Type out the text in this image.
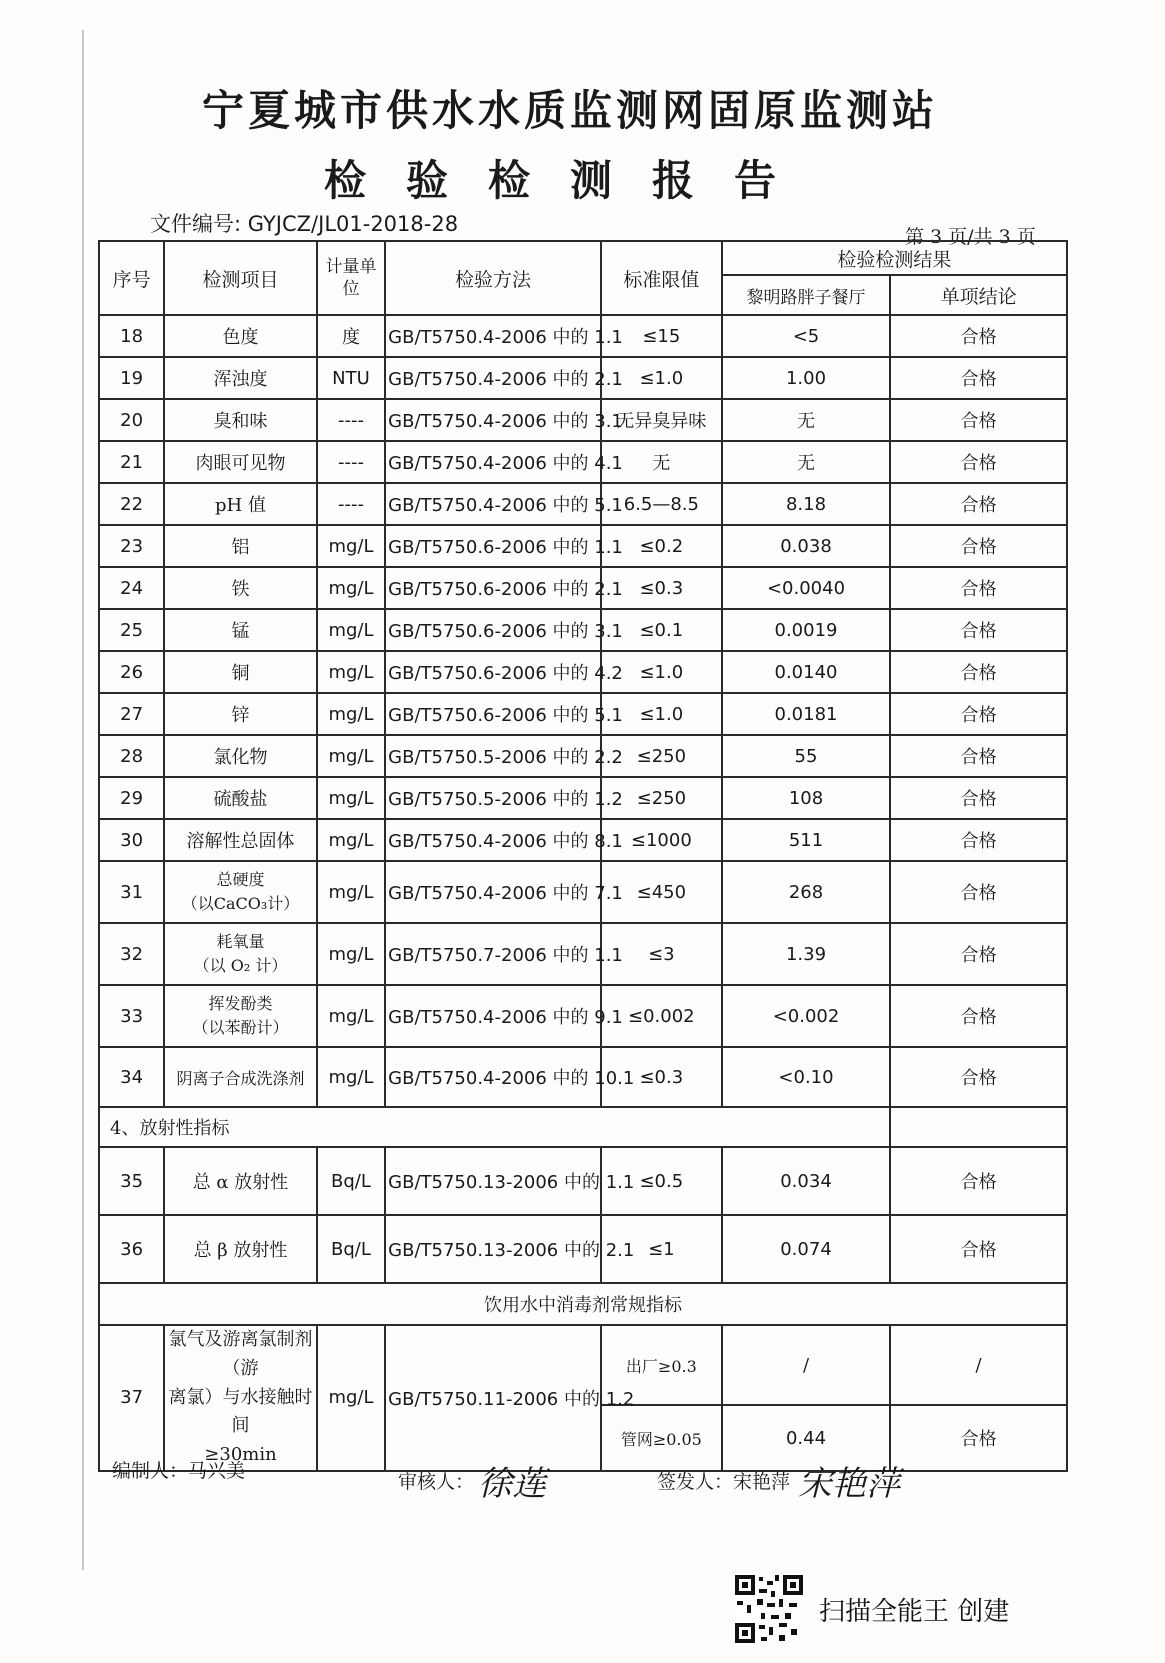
宁夏城市供水水质监测网固原监测站
检验检测报告
文件编号: GYJCZ/JL01-2018-28
第 3 页/共 3 页
序号	检测项目	计量单位	检验方法	标准限值	检验检测结果	
					黎明路胖子餐厅	单项结论
18	色度	度	GB/T5750.4-2006 中的 1.1	≤15	<5	合格
19	浑浊度	NTU	GB/T5750.4-2006 中的 2.1	≤1.0	1.00	合格
20	臭和味	----	GB/T5750.4-2006 中的 3.1	无异臭异味	无	合格
21	肉眼可见物	----	GB/T5750.4-2006 中的 4.1	无	无	合格
22	pH 值	----	GB/T5750.4-2006 中的 5.1	6.5—8.5	8.18	合格
23	铝	mg/L	GB/T5750.6-2006 中的 1.1	≤0.2	0.038	合格
24	铁	mg/L	GB/T5750.6-2006 中的 2.1	≤0.3	<0.0040	合格
25	锰	mg/L	GB/T5750.6-2006 中的 3.1	≤0.1	0.0019	合格
26	铜	mg/L	GB/T5750.6-2006 中的 4.2	≤1.0	0.0140	合格
27	锌	mg/L	GB/T5750.6-2006 中的 5.1	≤1.0	0.0181	合格
28	氯化物	mg/L	GB/T5750.5-2006 中的 2.2	≤250	55	合格
29	硫酸盐	mg/L	GB/T5750.5-2006 中的 1.2	≤250	108	合格
30	溶解性总固体	mg/L	GB/T5750.4-2006 中的 8.1	≤1000	511	合格
31	总硬度
（以CaCO₃计）	mg/L	GB/T5750.4-2006 中的 7.1	≤450	268	合格
32	耗氧量
（以 O₂ 计）	mg/L	GB/T5750.7-2006 中的 1.1	≤3	1.39	合格
33	挥发酚类
（以苯酚计）	mg/L	GB/T5750.4-2006 中的 9.1	≤0.002	<0.002	合格
34	阴离子合成洗涤剂	mg/L	GB/T5750.4-2006 中的 10.1	≤0.3	<0.10	合格
4、放射性指标						
35	总 α 放射性	Bq/L	GB/T5750.13-2006 中的 1.1	≤0.5	0.034	合格
36	总 β 放射性	Bq/L	GB/T5750.13-2006 中的 2.1	≤1	0.074	合格
饮用水中消毒剂常规指标						
37	氯气及游离氯制剂（游
离氯）与水接触时间
≥30min	mg/L	GB/T5750.11-2006 中的 1.2	出厂≥0.3	/	/
				管网≥0.05	0.44	合格
编制人：马兴美	审核人： 徐莲	签发人：宋艳萍 宋艳萍
扫描全能王 创建
